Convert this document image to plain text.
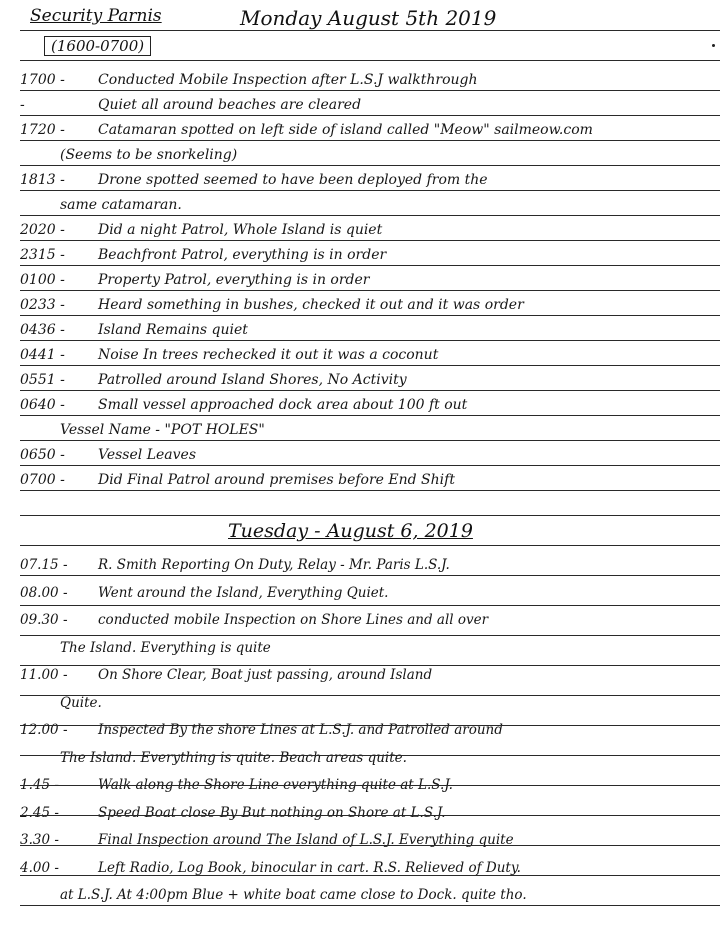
Security Parnis	Monday August 5th 2019
(1600-0700)
1700 - Conducted Mobile Inspection after L.S.J walkthrough
-	Quiet all around beaches are cleared
1720 - Catamaran spotted on left side of island called "Meow" sailmeow.com
(Seems to be snorkeling)
1813 - Drone spotted seemed to have been deployed from the
same catamaran.
2020 - Did a night Patrol, Whole Island is quiet
2315 - Beachfront Patrol, everything is in order
0100 - Property Patrol, everything is in order
0233 - Heard something in bushes, checked it out and it was order
0436 - Island Remains quiet
0441 - Noise In trees rechecked it out it was a coconut
0551 - Patrolled around Island Shores, No Activity
0640 - Small vessel approached dock area about 100 ft out
Vessel Name - "POT HOLES"
0650 - Vessel Leaves
0700 - Did Final Patrol around premises before End Shift
Tuesday - August 6, 2019
07.15 - R. Smith Reporting On Duty, Relay - Mr. Paris L.S.J.
08.00 - Went around the Island, Everything Quiet.
09.30 - conducted mobile Inspection on Shore Lines and all over
The Island. Everything is quite
11.00 - On Shore Clear, Boat just passing, around Island
Quite.
12.00 - Inspected By the shore Lines at L.S.J. and Patrolled around
The Island. Everything is quite. Beach areas quite.
1.45 -	Walk along the Shore Line everything quite at L.S.J.
2.45 -	Speed Boat close By But nothing on Shore at L.S.J.
3.30 -	Final Inspection around The Island of L.S.J. Everything quite
4.00 -	Left Radio, Log Book, binocular in cart. R.S. Relieved of Duty.
at L.S.J. At 4:00pm Blue + white boat came close to Dock. quite tho.
